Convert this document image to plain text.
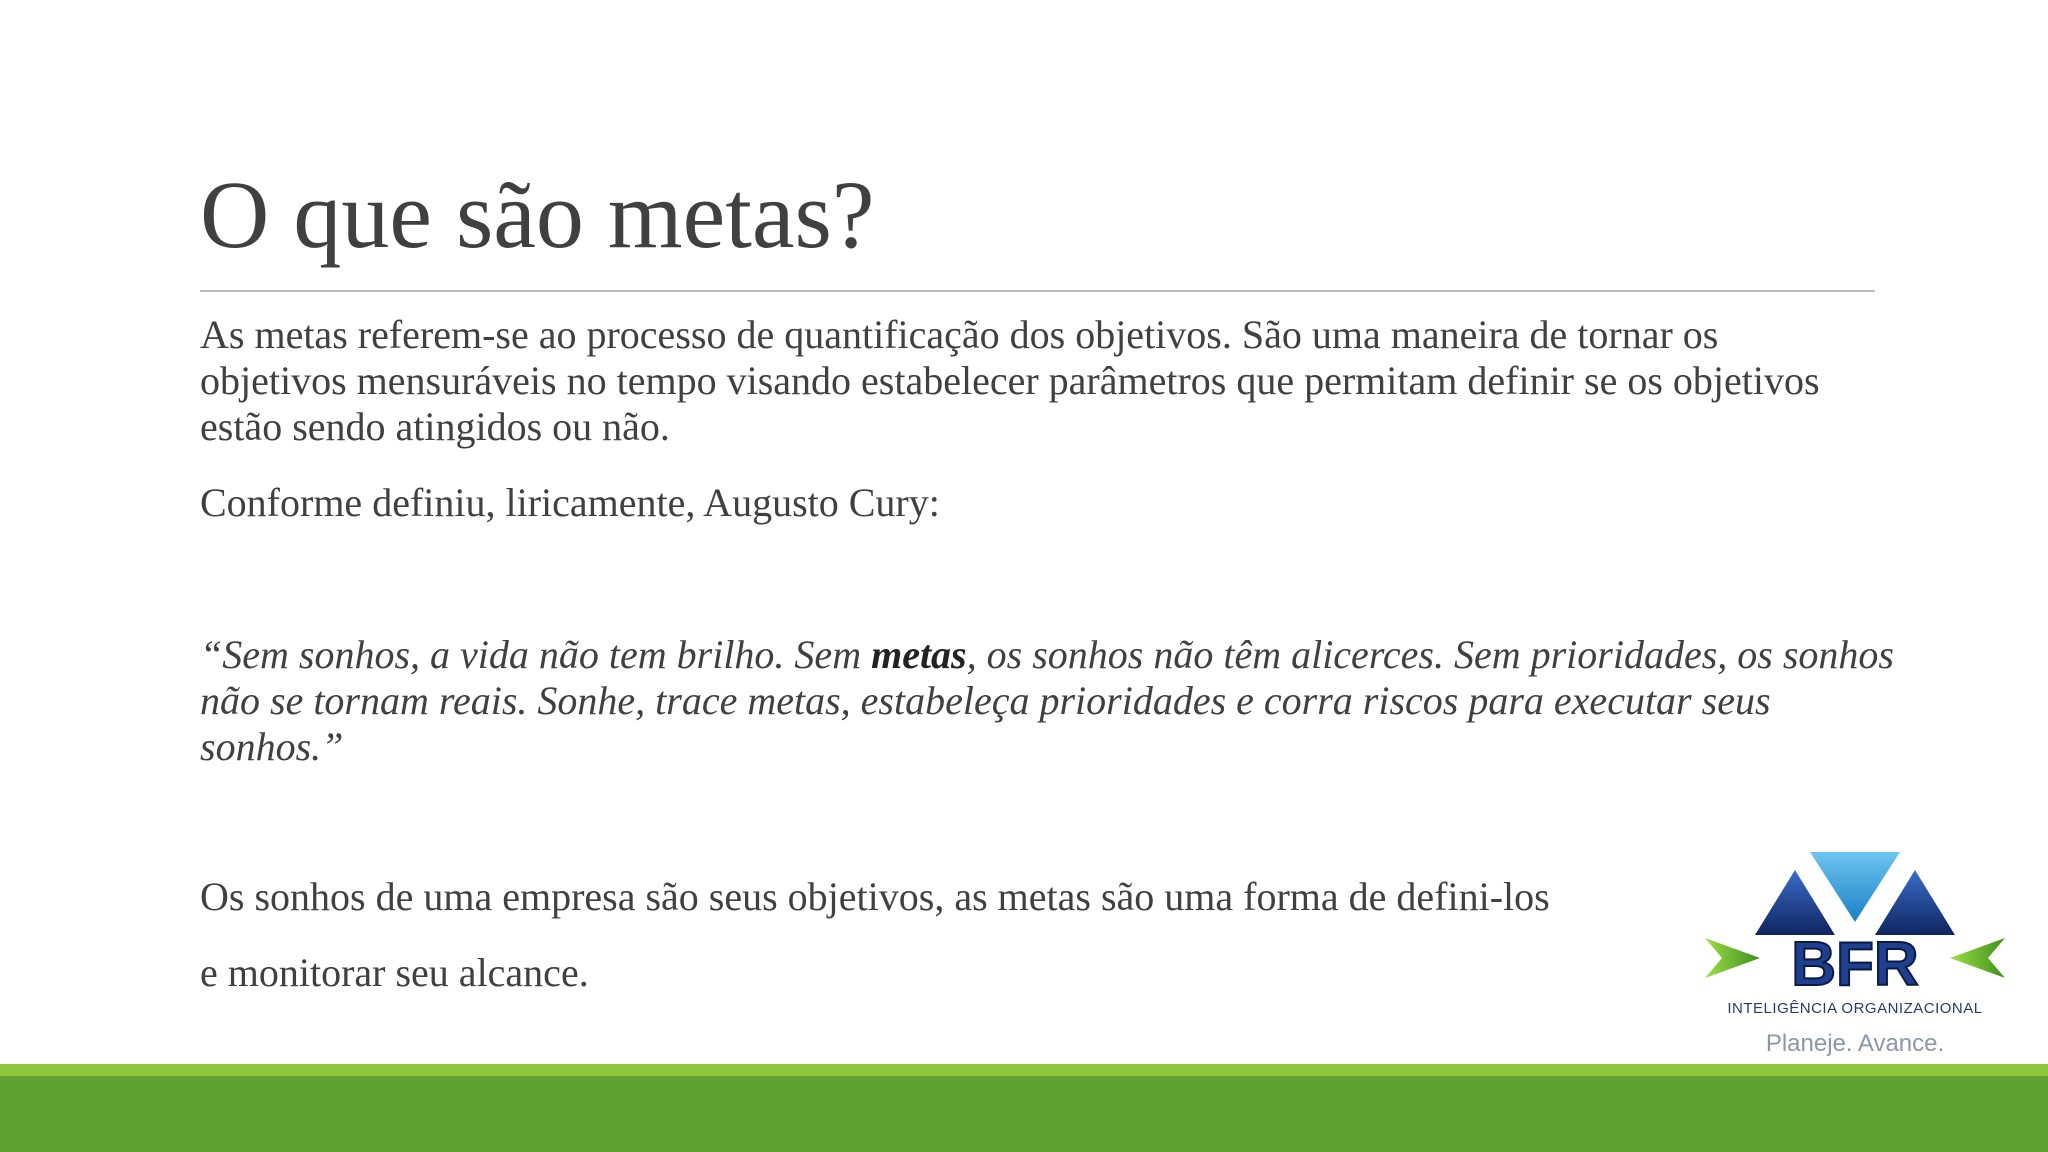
O que são metas?
As metas referem-se ao processo de quantificação dos objetivos. São uma maneira de tornar os objetivos mensuráveis no tempo visando estabelecer parâmetros que permitam definir se os objetivos estão sendo atingidos ou não.
Conforme definiu, liricamente, Augusto Cury:
“Sem sonhos, a vida não tem brilho. Sem metas, os sonhos não têm alicerces. Sem prioridades, os sonhos não se tornam reais. Sonhe, trace metas, estabeleça prioridades e corra riscos para executar seus sonhos.”
Os sonhos de uma empresa são seus objetivos, as metas são uma forma de defini-los
e monitorar seu alcance.	BFR
INTELIGÊNCIA ORGANIZACIONAL
Planeje. Avance.
